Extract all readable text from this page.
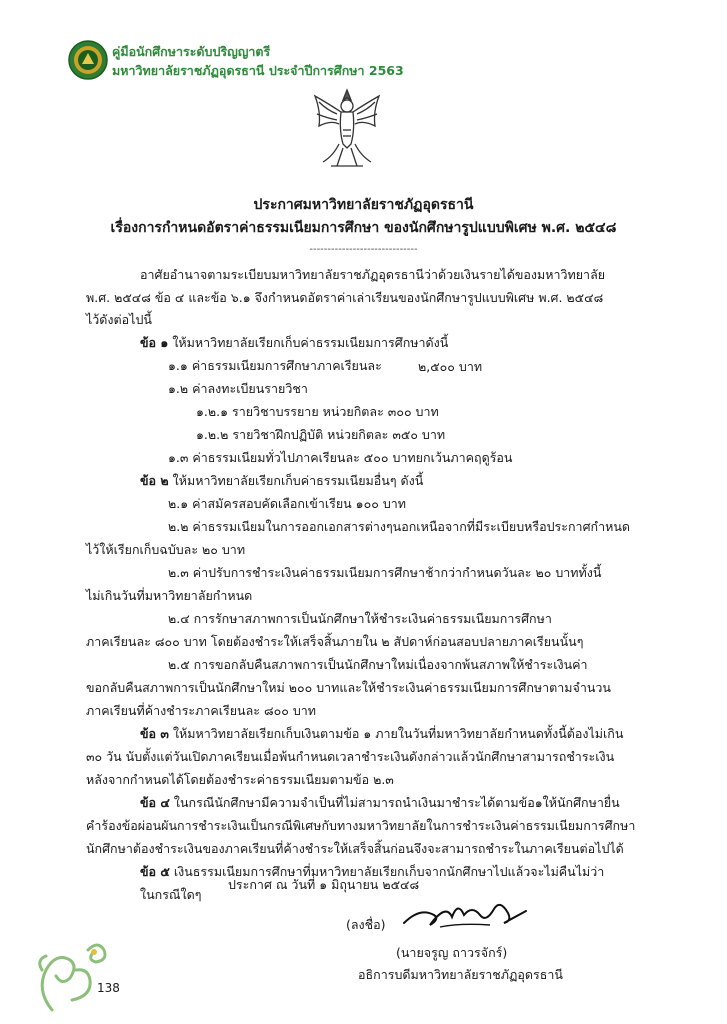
คู่มือนักศึกษาระดับปริญญาตรี
มหาวิทยาลัยราชภัฏอุดรธานี ประจำปีการศึกษา 2563
ประกาศมหาวิทยาลัยราชภัฏอุดรธานี
เรื่องการกำหนดอัตราค่าธรรมเนียมการศึกษา ของนักศึกษารูปแบบพิเศษ พ.ศ. ๒๕๔๘
------------------------------
อาศัยอำนาจตามระเบียบมหาวิทยาลัยราชภัฏอุดรธานีว่าด้วยเงินรายได้ของมหาวิทยาลัย
พ.ศ. ๒๕๔๘ ข้อ ๔ และข้อ ๖.๑ จึงกำหนดอัตราค่าเล่าเรียนของนักศึกษารูปแบบพิเศษ พ.ศ. ๒๕๔๘
ไว้ดังต่อไปนี้
ข้อ ๑ ให้มหาวิทยาลัยเรียกเก็บค่าธรรมเนียมการศึกษาดังนี้
๑.๑ ค่าธรรมเนียมการศึกษาภาคเรียนละ	๒,๕๐๐ บาท
๑.๒ ค่าลงทะเบียนรายวิชา
๑.๒.๑ รายวิชาบรรยาย หน่วยกิตละ ๓๐๐ บาท
๑.๒.๒ รายวิชาฝึกปฏิบัติ หน่วยกิตละ ๓๕๐ บาท
๑.๓ ค่าธรรมเนียมทั่วไปภาคเรียนละ ๕๐๐ บาทยกเว้นภาคฤดูร้อน
ข้อ ๒ ให้มหาวิทยาลัยเรียกเก็บค่าธรรมเนียมอื่นๆ ดังนี้
๒.๑ ค่าสมัครสอบคัดเลือกเข้าเรียน ๑๐๐ บาท
๒.๒ ค่าธรรมเนียมในการออกเอกสารต่างๆนอกเหนือจากที่มีระเบียบหรือประกาศกำหนด
ไว้ให้เรียกเก็บฉบับละ ๒๐ บาท
๒.๓ ค่าปรับการชำระเงินค่าธรรมเนียมการศึกษาช้ากว่ากำหนดวันละ ๒๐ บาททั้งนี้
ไม่เกินวันที่มหาวิทยาลัยกำหนด
๒.๔ การรักษาสภาพการเป็นนักศึกษาให้ชำระเงินค่าธรรมเนียมการศึกษา
ภาคเรียนละ ๘๐๐ บาท โดยต้องชำระให้เสร็จสิ้นภายใน ๒ สัปดาห์ก่อนสอบปลายภาคเรียนนั้นๆ
๒.๕ การขอกลับคืนสภาพการเป็นนักศึกษาใหม่เนื่องจากพ้นสภาพให้ชำระเงินค่า
ขอกลับคืนสภาพการเป็นนักศึกษาใหม่ ๒๐๐ บาทและให้ชำระเงินค่าธรรมเนียมการศึกษาตามจำนวน
ภาคเรียนที่ค้างชำระภาคเรียนละ ๘๐๐ บาท
ข้อ ๓ ให้มหาวิทยาลัยเรียกเก็บเงินตามข้อ ๑ ภายในวันที่มหาวิทยาลัยกำหนดทั้งนี้ต้องไม่เกิน
๓๐ วัน นับตั้งแต่วันเปิดภาคเรียนเมื่อพ้นกำหนดเวลาชำระเงินดังกล่าวแล้วนักศึกษาสามารถชำระเงิน
หลังจากกำหนดได้โดยต้องชำระค่าธรรมเนียมตามข้อ ๒.๓
ข้อ ๔ ในกรณีนักศึกษามีความจำเป็นที่ไม่สามารถนำเงินมาชำระได้ตามข้อ๑ให้นักศึกษายื่น
คำร้องข้อผ่อนผันการชำระเงินเป็นกรณีพิเศษกับทางมหาวิทยาลัยในการชำระเงินค่าธรรมเนียมการศึกษา
นักศึกษาต้องชำระเงินของภาคเรียนที่ค้างชำระให้เสร็จสิ้นก่อนจึงจะสามารถชำระในภาคเรียนต่อไปได้
ข้อ ๕ เงินธรรมเนียมการศึกษาที่มหาวิทยาลัยเรียกเก็บจากนักศึกษาไปแล้วจะไม่คืนไม่ว่า
ในกรณีใดๆ
ประกาศ ณ วันที่ ๑ มิถุนายน ๒๕๔๘
(ลงชื่อ)
(นายจรูญ ถาวรจักร์)
อธิการบดีมหาวิทยาลัยราชภัฏอุดรธานี
138
